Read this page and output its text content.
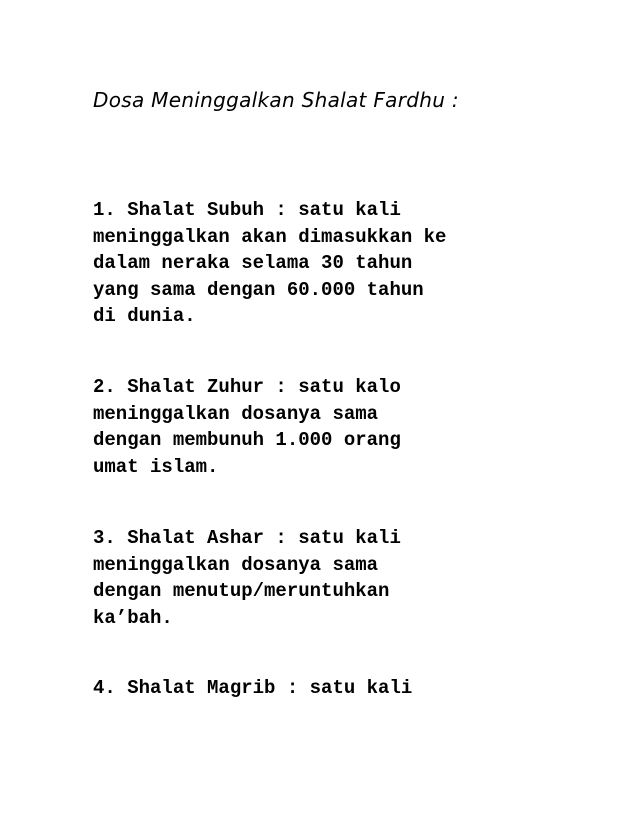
Dosa Meninggalkan Shalat Fardhu :

1. Shalat Subuh : satu kali
meninggalkan akan dimasukkan ke
dalam neraka selama 30 tahun
yang sama dengan 60.000 tahun
di dunia.

2. Shalat Zuhur : satu kalo
meninggalkan dosanya sama
dengan membunuh 1.000 orang
umat islam.

3. Shalat Ashar : satu kali
meninggalkan dosanya sama
dengan menutup/meruntuhkan
ka’bah.

4. Shalat Magrib : satu kali
